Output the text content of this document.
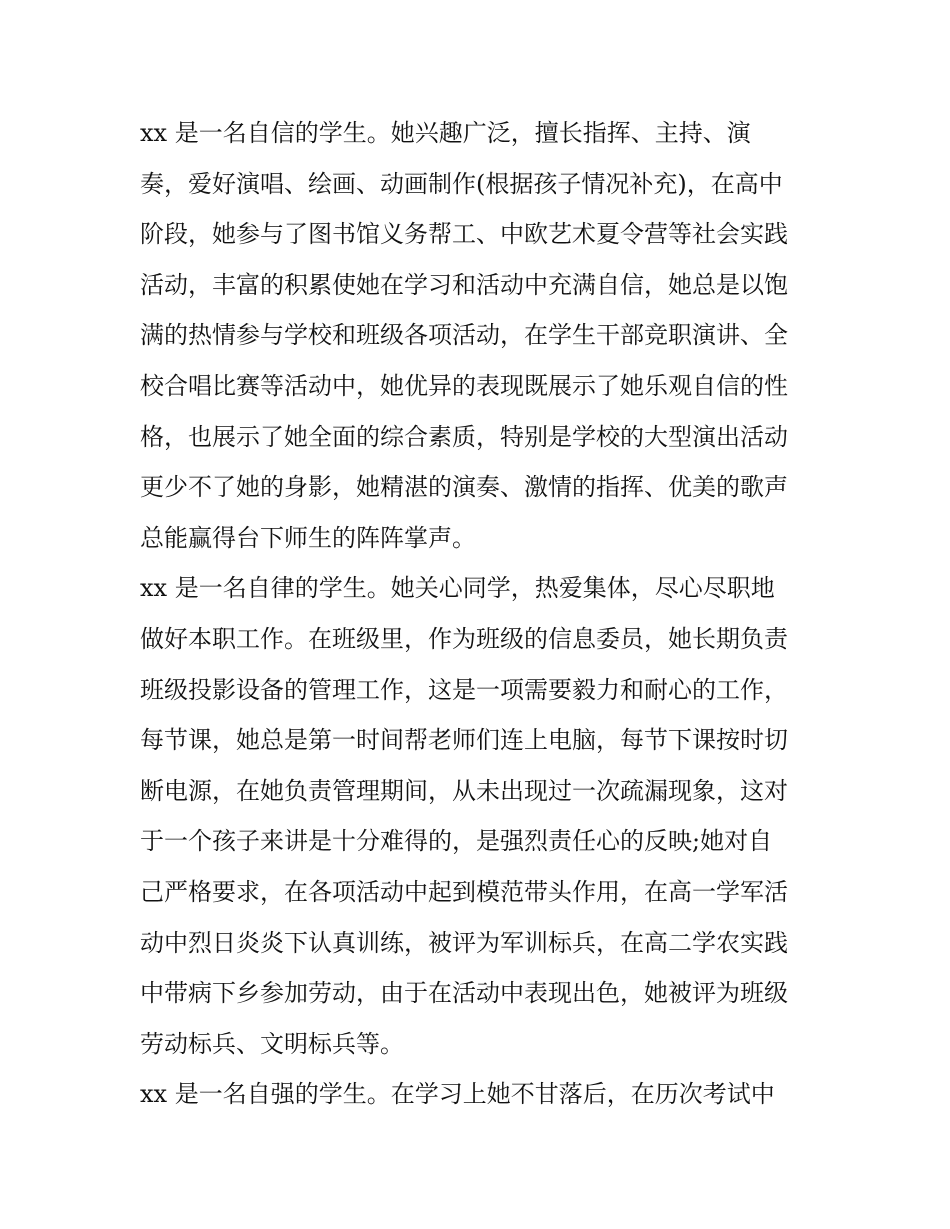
xx 是一名自信的学生。她兴趣广泛，擅长指挥、主持、演
奏，爱好演唱、绘画、动画制作(根据孩子情况补充)，在高中
阶段，她参与了图书馆义务帮工、中欧艺术夏令营等社会实践
活动，丰富的积累使她在学习和活动中充满自信，她总是以饱
满的热情参与学校和班级各项活动，在学生干部竞职演讲、全
校合唱比赛等活动中，她优异的表现既展示了她乐观自信的性
格，也展示了她全面的综合素质，特别是学校的大型演出活动
更少不了她的身影，她精湛的演奏、激情的指挥、优美的歌声
总能赢得台下师生的阵阵掌声。
xx 是一名自律的学生。她关心同学，热爱集体，尽心尽职地
做好本职工作。在班级里，作为班级的信息委员，她长期负责
班级投影设备的管理工作，这是一项需要毅力和耐心的工作，
每节课，她总是第一时间帮老师们连上电脑，每节下课按时切
断电源，在她负责管理期间，从未出现过一次疏漏现象，这对
于一个孩子来讲是十分难得的，是强烈责任心的反映;她对自
己严格要求，在各项活动中起到模范带头作用，在高一学军活
动中烈日炎炎下认真训练，被评为军训标兵，在高二学农实践
中带病下乡参加劳动，由于在活动中表现出色，她被评为班级
劳动标兵、文明标兵等。
xx 是一名自强的学生。在学习上她不甘落后，在历次考试中
